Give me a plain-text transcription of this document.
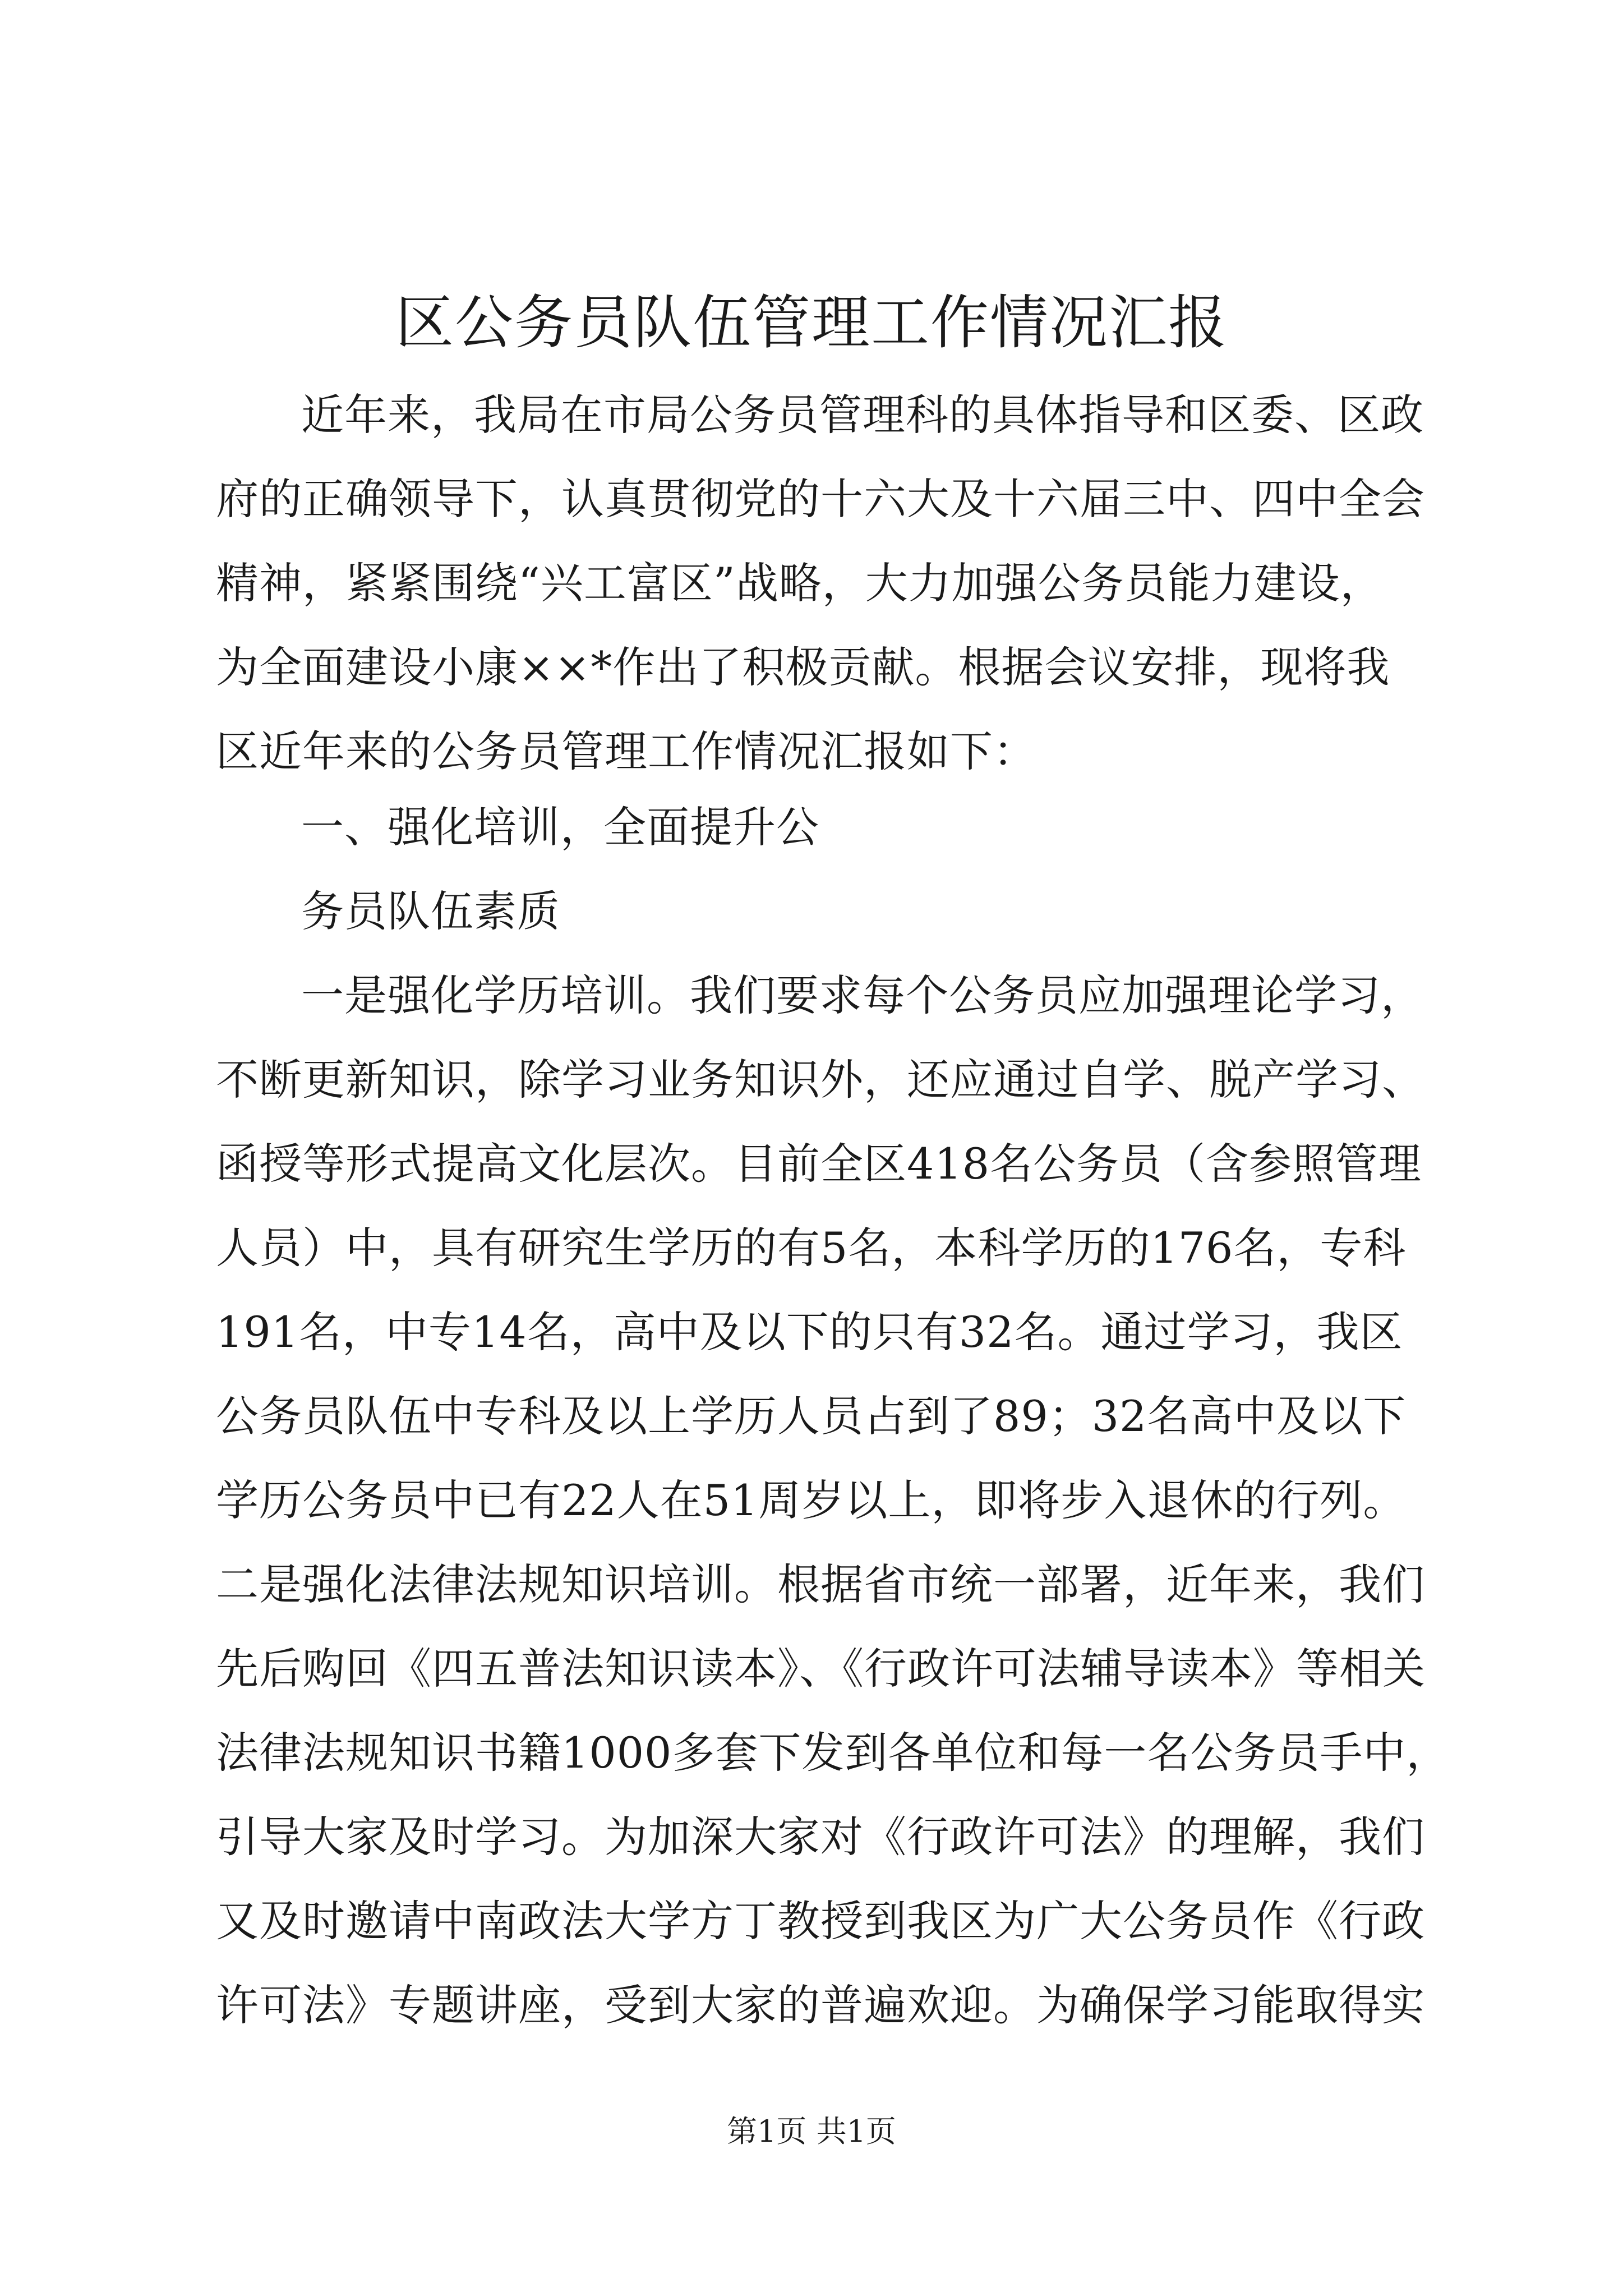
区公务员队伍管理工作情况汇报
近年来，我局在市局公务员管理科的具体指导和区委、区政
府的正确领导下，认真贯彻党的十六大及十六届三中、四中全会
精神，紧紧围绕“兴工富区”战略，大力加强公务员能力建设，
为全面建设小康××*作出了积极贡献。根据会议安排，现将我
区近年来的公务员管理工作情况汇报如下：
一、强化培训，全面提升公
务员队伍素质
一是强化学历培训。我们要求每个公务员应加强理论学习，
不断更新知识，除学习业务知识外，还应通过自学、脱产学习、
函授等形式提高文化层次。目前全区418名公务员（含参照管理
人员）中，具有研究生学历的有5名，本科学历的176名，专科
191名，中专14名，高中及以下的只有32名。通过学习，我区
公务员队伍中专科及以上学历人员占到了89；32名高中及以下
学历公务员中已有22人在51周岁以上，即将步入退休的行列。
二是强化法律法规知识培训。根据省市统一部署，近年来，我们
先后购回《四五普法知识读本》、《行政许可法辅导读本》等相关
法律法规知识书籍1000多套下发到各单位和每一名公务员手中，
引导大家及时学习。为加深大家对《行政许可法》的理解，我们
又及时邀请中南政法大学方丁教授到我区为广大公务员作《行政
许可法》专题讲座，受到大家的普遍欢迎。为确保学习能取得实
第1页 共1页
